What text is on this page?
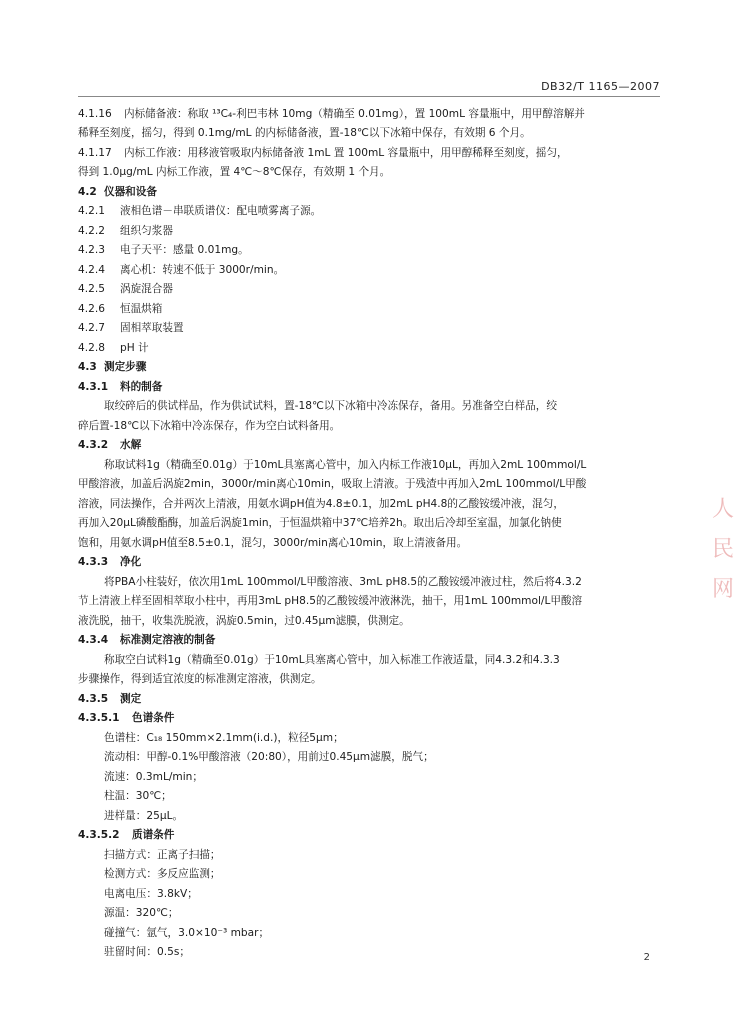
DB32/T 1165—2007
4.1.16 内标储备液：称取 ¹³C₄-利巴韦林 10mg（精确至 0.01mg），置 100mL 容量瓶中，用甲醇溶解并
稀释至刻度，摇匀，得到 0.1mg/mL 的内标储备液，置-18℃以下冰箱中保存，有效期 6 个月。
4.1.17 内标工作液：用移液管吸取内标储备液 1mL 置 100mL 容量瓶中，用甲醇稀释至刻度，摇匀，
得到 1.0μg/mL 内标工作液，置 4℃～8℃保存，有效期 1 个月。
4.2 仪器和设备
4.2.1 液相色谱－串联质谱仪：配电喷雾离子源。
4.2.2 组织匀浆器
4.2.3 电子天平：感量 0.01mg。
4.2.4 离心机：转速不低于 3000r/min。
4.2.5 涡旋混合器
4.2.6 恒温烘箱
4.2.7 固相萃取装置
4.2.8 pH 计
4.3 测定步骤
4.3.1 料的制备
取绞碎后的供试样品，作为供试试料，置-18℃以下冰箱中冷冻保存，备用。另准备空白样品，绞
碎后置-18℃以下冰箱中冷冻保存，作为空白试料备用。
4.3.2 水解
称取试料1g（精确至0.01g）于10mL具塞离心管中，加入内标工作液10μL，再加入2mL 100mmol/L
甲酸溶液，加盖后涡旋2min，3000r/min离心10min，吸取上清液。于残渣中再加入2mL 100mmol/L甲酸
溶液，同法操作，合并两次上清液，用氨水调pH值为4.8±0.1，加2mL pH4.8的乙酸铵缓冲液，混匀，
再加入20μL磷酸酯酶，加盖后涡旋1min，于恒温烘箱中37℃培养2h。取出后冷却至室温，加氯化钠使
饱和，用氨水调pH值至8.5±0.1，混匀，3000r/min离心10min，取上清液备用。
4.3.3 净化
将PBA小柱装好，依次用1mL 100mmol/L甲酸溶液、3mL pH8.5的乙酸铵缓冲液过柱，然后将4.3.2
节上清液上样至固相萃取小柱中，再用3mL pH8.5的乙酸铵缓冲液淋洗，抽干，用1mL 100mmol/L甲酸溶
液洗脱，抽干，收集洗脱液，涡旋0.5min，过0.45μm滤膜，供测定。
4.3.4 标准测定溶液的制备
称取空白试料1g（精确至0.01g）于10mL具塞离心管中，加入标准工作液适量，同4.3.2和4.3.3
步骤操作，得到适宜浓度的标准测定溶液，供测定。
4.3.5 测定
4.3.5.1 色谱条件
色谱柱：C₁₈ 150mm×2.1mm(i.d.)，粒径5μm；
流动相：甲醇-0.1%甲酸溶液（20:80），用前过0.45μm滤膜，脱气；
流速：0.3mL/min；
柱温：30℃；
进样量：25μL。
4.3.5.2 质谱条件
扫描方式：正离子扫描；
检测方式：多反应监测；
电离电压：3.8kV；
源温：320℃；
碰撞气：氩气，3.0×10⁻³ mbar；
驻留时间：0.5s；	2
人
民
网
